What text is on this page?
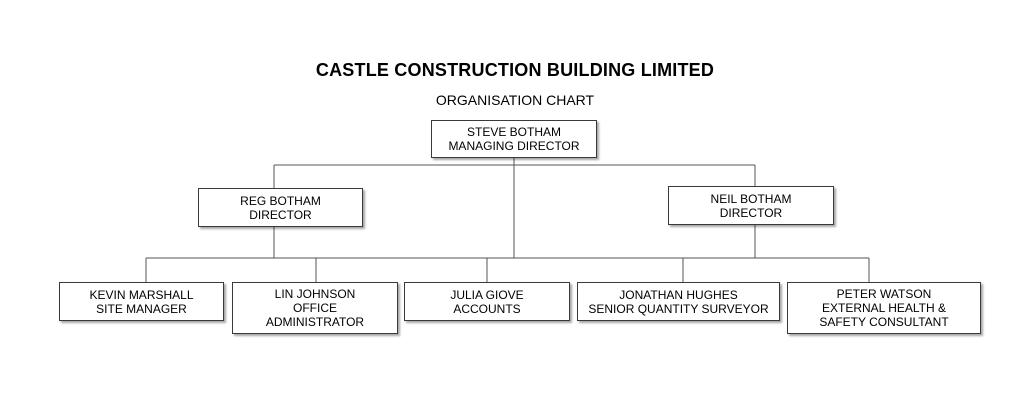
CASTLE CONSTRUCTION BUILDING LIMITED
ORGANISATION CHART
STEVE BOTHAM
MANAGING DIRECTOR
REG BOTHAM
DIRECTOR
NEIL BOTHAM
DIRECTOR
KEVIN MARSHALL
SITE MANAGER
LIN JOHNSON
OFFICE
ADMINISTRATOR
JULIA GIOVE
ACCOUNTS
JONATHAN HUGHES
SENIOR QUANTITY SURVEYOR
PETER WATSON
EXTERNAL HEALTH &
SAFETY CONSULTANT
